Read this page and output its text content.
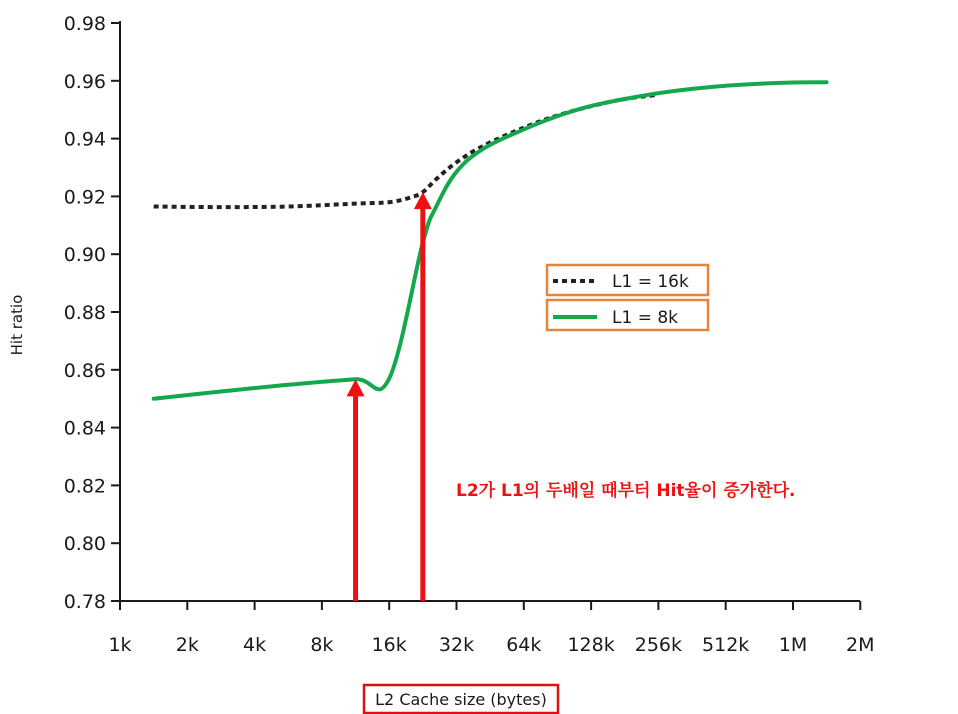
0.78
0.80
0.82
0.84
0.86
0.88
0.90
0.92
0.94
0.96
0.98
1k 2k 4k 8k 16k 32k 64k 128k 256k 512k 1M 2M
Hit ratio
L2 Cache size (bytes)
L1 = 16k
L1 = 8k
L2가 L1의 두배일 때부터 Hit율이 증가한다.
